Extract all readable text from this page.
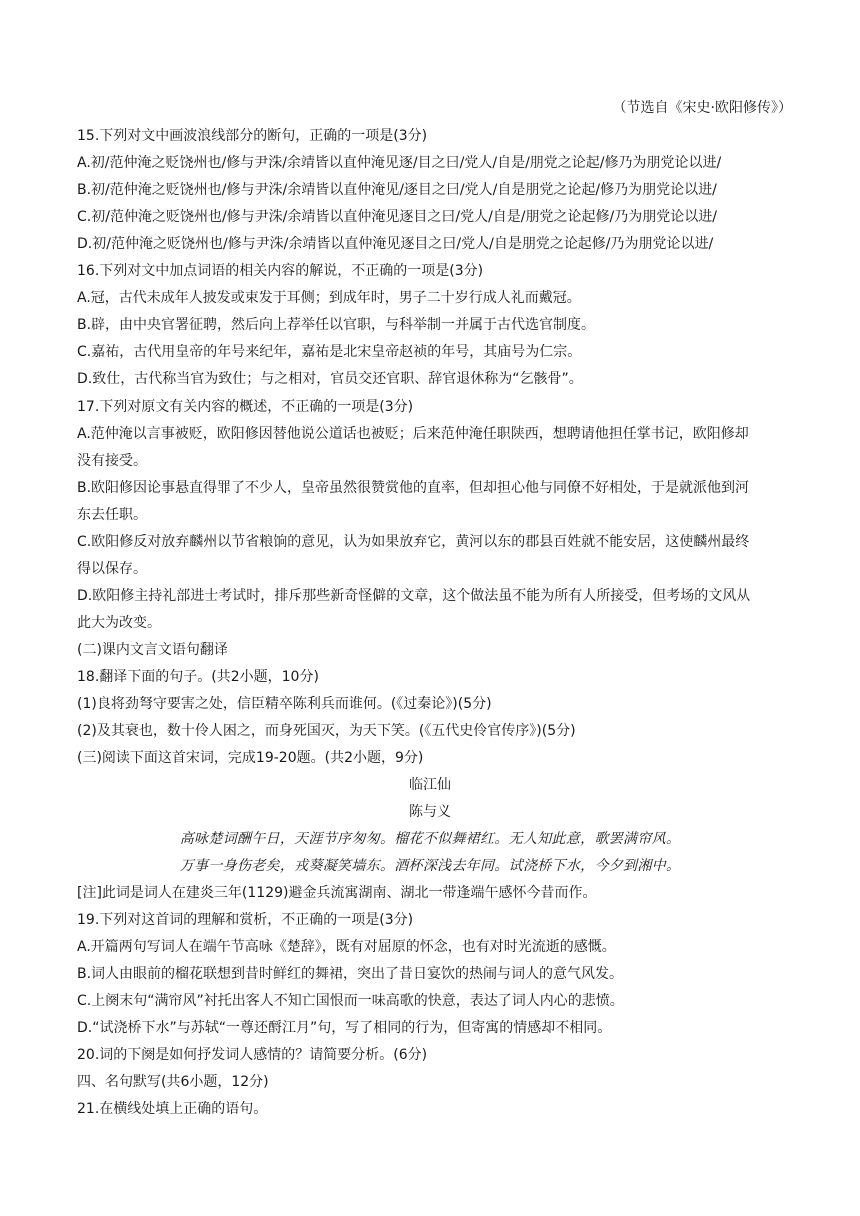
（节选自《宋史·欧阳修传》）
15.下列对文中画波浪线部分的断句，正确的一项是(3分)
A.初/范仲淹之贬饶州也/修与尹洙/余靖皆以直仲淹见逐/目之曰/党人/自是/朋党之论起/修乃为朋党论以进/
B.初/范仲淹之贬饶州也/修与尹洙/余靖皆以直仲淹见/逐目之曰/党人/自是朋党之论起/修乃为朋党论以进/
C.初/范仲淹之贬饶州也/修与尹洙/余靖皆以直仲淹见逐目之曰/党人/自是/朋党之论起修/乃为朋党论以进/
D.初/范仲淹之贬饶州也/修与尹洙/余靖皆以直仲淹见逐目之曰/党人/自是朋党之论起修/乃为朋党论以进/
16.下列对文中加点词语的相关内容的解说，不正确的一项是(3分)
A.冠，古代未成年人披发或束发于耳侧；到成年时，男子二十岁行成人礼而戴冠。
B.辟，由中央官署征聘，然后向上荐举任以官职，与科举制一并属于古代选官制度。
C.嘉祐，古代用皇帝的年号来纪年，嘉祐是北宋皇帝赵祯的年号，其庙号为仁宗。
D.致仕，古代称当官为致仕；与之相对，官员交还官职、辞官退休称为“乞骸骨”。
17.下列对原文有关内容的概述，不正确的一项是(3分)
A.范仲淹以言事被贬，欧阳修因替他说公道话也被贬；后来范仲淹任职陕西，想聘请他担任掌书记，欧阳修却
没有接受。
B.欧阳修因论事悬直得罪了不少人，皇帝虽然很赞赏他的直率，但却担心他与同僚不好相处，于是就派他到河
东去任职。
C.欧阳修反对放弃麟州以节省粮饷的意见，认为如果放弃它，黄河以东的郡县百姓就不能安居，这使麟州最终
得以保存。
D.欧阳修主持礼部进士考试时，排斥那些新奇怪僻的文章，这个做法虽不能为所有人所接受，但考场的文风从
此大为改变。
(二)课内文言文语句翻译
18.翻译下面的句子。(共2小题，10分)
(1)良将劲弩守要害之处，信臣精卒陈利兵而谁何。(《过秦论》)(5分)
(2)及其衰也，数十伶人困之，而身死国灭，为天下笑。(《五代史伶官传序》)(5分)
(三)阅读下面这首宋词，完成19-20题。(共2小题，9分)
临江仙
陈与义
高咏楚词酬午日，天涯节序匆匆。榴花不似舞裙红。无人知此意，歌罢满帘风。
万事一身伤老矣，戎葵凝笑墙东。酒杯深浅去年同。试浇桥下水，今夕到湘中。
[注]此词是词人在建炎三年(1129)避金兵流寓湖南、湖北一带逢端午感怀今昔而作。
19.下列对这首词的理解和赏析，不正确的一项是(3分)
A.开篇两句写词人在端午节高咏《楚辞》，既有对屈原的怀念，也有对时光流逝的感慨。
B.词人由眼前的榴花联想到昔时鲜红的舞裙，突出了昔日宴饮的热闹与词人的意气风发。
C.上阕末句“满帘风”衬托出客人不知亡国恨而一味高歌的快意，表达了词人内心的悲愤。
D.“试浇桥下水”与苏轼“一尊还酹江月”句，写了相同的行为，但寄寓的情感却不相同。
20.词的下阕是如何抒发词人感情的？请简要分析。(6分)
四、名句默写(共6小题，12分)
21.在横线处填上正确的语句。
